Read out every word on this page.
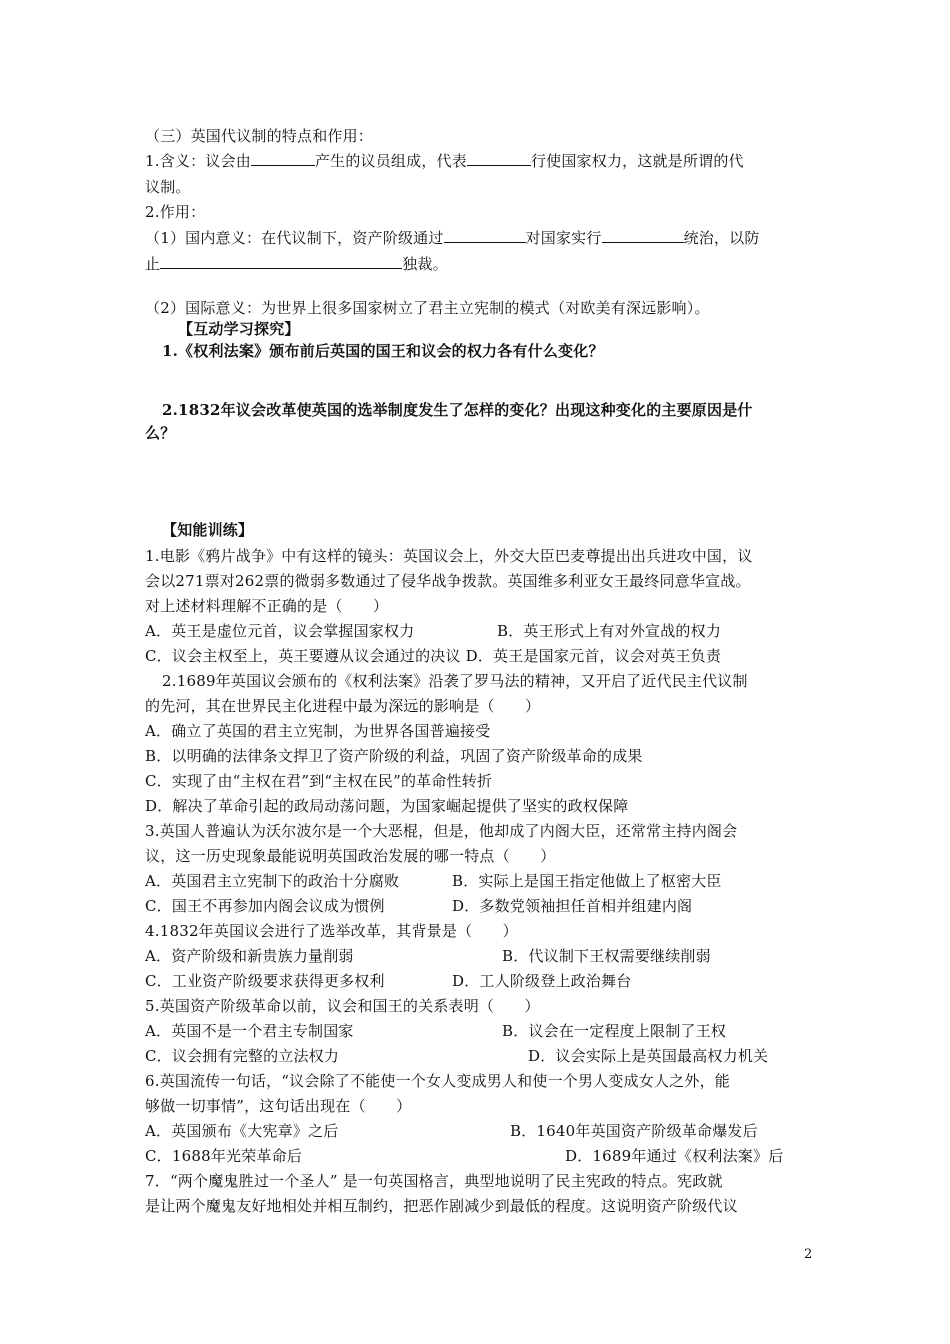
（三）英国代议制的特点和作用：
1.含义：议会由	产生的议员组成，代表	行使国家权力，这就是所谓的代
议制。
2.作用：
（1）国内意义：在代议制下，资产阶级通过	对国家实行	统治，以防
止	独裁。
（2）国际意义：为世界上很多国家树立了君主立宪制的模式（对欧美有深远影响）。
【互动学习探究】
1.《权利法案》颁布前后英国的国王和议会的权力各有什么变化？
2.1832年议会改革使英国的选举制度发生了怎样的变化？出现这种变化的主要原因是什
么？
【知能训练】
1.电影《鸦片战争》中有这样的镜头：英国议会上，外交大臣巴麦尊提出出兵进攻中国，议
会以271票对262票的微弱多数通过了侵华战争拨款。英国维多利亚女王最终同意华宣战。
对上述材料理解不正确的是（　　）
A．英王是虚位元首，议会掌握国家权力	B．英王形式上有对外宣战的权力
C．议会主权至上，英王要遵从议会通过的决议 D．英王是国家元首，议会对英王负责
2.1689年英国议会颁布的《权利法案》沿袭了罗马法的精神，又开启了近代民主代议制
的先河，其在世界民主化进程中最为深远的影响是（　　）
A．确立了英国的君主立宪制，为世界各国普遍接受
B．以明确的法律条文捍卫了资产阶级的利益，巩固了资产阶级革命的成果
C．实现了由“主权在君”到“主权在民”的革命性转折
D．解决了革命引起的政局动荡问题，为国家崛起提供了坚实的政权保障
3.英国人普遍认为沃尔波尔是一个大恶棍，但是，他却成了内阁大臣，还常常主持内阁会
议，这一历史现象最能说明英国政治发展的哪一特点（　　）
A．英国君主立宪制下的政治十分腐败	B．实际上是国王指定他做上了枢密大臣
C．国王不再参加内阁会议成为惯例	D．多数党领袖担任首相并组建内阁
4.1832年英国议会进行了选举改革，其背景是（　　）
A．资产阶级和新贵族力量削弱	B．代议制下王权需要继续削弱
C．工业资产阶级要求获得更多权利	D．工人阶级登上政治舞台
5.英国资产阶级革命以前，议会和国王的关系表明（　　）
A．英国不是一个君主专制国家	B．议会在一定程度上限制了王权
C．议会拥有完整的立法权力	D．议会实际上是英国最高权力机关
6.英国流传一句话，“议会除了不能使一个女人变成男人和使一个男人变成女人之外，能
够做一切事情”，这句话出现在（　　）
A．英国颁布《大宪章》之后	B．1640年英国资产阶级革命爆发后
C．1688年光荣革命后	D．1689年通过《权利法案》后
7．“两个魔鬼胜过一个圣人” 是一句英国格言，典型地说明了民主宪政的特点。宪政就
是让两个魔鬼友好地相处并相互制约，把恶作剧减少到最低的程度。这说明资产阶级代议
2
